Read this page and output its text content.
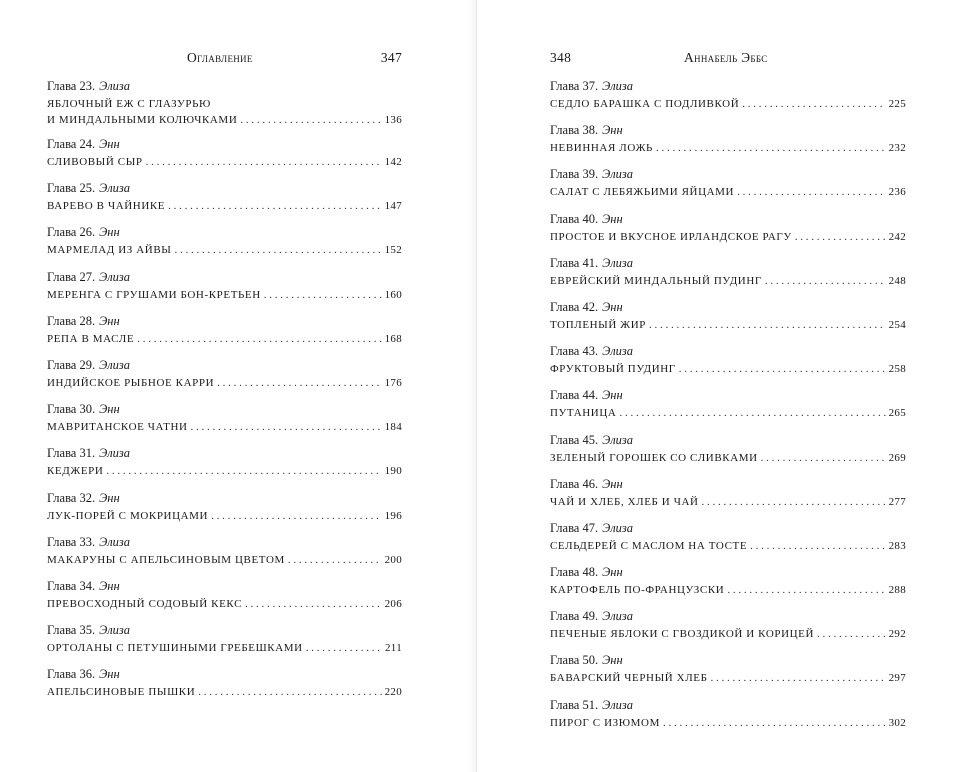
Оглавление	347
Глава 23. Элиза
ЯБЛОЧНЫЙ ЕЖ С ГЛАЗУРЬЮ
И МИНДАЛЬНЫМИ КОЛЮЧКАМИ . . .	136
Глава 24. Энн
СЛИВОВЫЙ СЫР . . .	142
Глава 25. Элиза
ВАРЕВО В ЧАЙНИКЕ . . .	147
Глава 26. Энн
МАРМЕЛАД ИЗ АЙВЫ . . .	152
Глава 27. Элиза
МЕРЕНГА С ГРУШАМИ БОН-КРЕТЬЕН . . .	160
Глава 28. Энн
РЕПА В МАСЛЕ . . .	168
Глава 29. Элиза
ИНДИЙСКОЕ РЫБНОЕ КАРРИ . . .	176
Глава 30. Энн
МАВРИТАНСКОЕ ЧАТНИ . . .	184
Глава 31. Элиза
КЕДЖЕРИ . . .	190
Глава 32. Энн
ЛУК-ПОРЕЙ С МОКРИЦАМИ . . .	196
Глава 33. Элиза
МАКАРУНЫ С АПЕЛЬСИНОВЫМ ЦВЕТОМ . . .	200
Глава 34. Энн
ПРЕВОСХОДНЫЙ СОДОВЫЙ КЕКС . . .	206
Глава 35. Элиза
ОРТОЛАНЫ С ПЕТУШИНЫМИ ГРЕБЕШКАМИ . . .	211
Глава 36. Энн
АПЕЛЬСИНОВЫЕ ПЫШКИ . . .	220
348	Аннабель Эббс
Глава 37. Элиза
СЕДЛО БАРАШКА С ПОДЛИВКОЙ . . .	225
Глава 38. Энн
НЕВИННАЯ ЛОЖЬ . . .	232
Глава 39. Элиза
САЛАТ С ЛЕБЯЖЬИМИ ЯЙЦАМИ . . .	236
Глава 40. Энн
ПРОСТОЕ И ВКУСНОЕ ИРЛАНДСКОЕ РАГУ . . .	242
Глава 41. Элиза
ЕВРЕЙСКИЙ МИНДАЛЬНЫЙ ПУДИНГ . . .	248
Глава 42. Энн
ТОПЛЕНЫЙ ЖИР . . .	254
Глава 43. Элиза
ФРУКТОВЫЙ ПУДИНГ . . .	258
Глава 44. Энн
ПУТАНИЦА . . .	265
Глава 45. Элиза
ЗЕЛЕНЫЙ ГОРОШЕК СО СЛИВКАМИ . . .	269
Глава 46. Энн
ЧАЙ И ХЛЕБ, ХЛЕБ И ЧАЙ . . .	277
Глава 47. Элиза
СЕЛЬДЕРЕЙ С МАСЛОМ НА ТОСТЕ . . .	283
Глава 48. Энн
КАРТОФЕЛЬ ПО-ФРАНЦУЗСКИ . . .	288
Глава 49. Элиза
ПЕЧЕНЫЕ ЯБЛОКИ С ГВОЗДИКОЙ И КОРИЦЕЙ . . .	292
Глава 50. Энн
БАВАРСКИЙ ЧЕРНЫЙ ХЛЕБ . . .	297
Глава 51. Элиза
ПИРОГ С ИЗЮМОМ . . .	302
